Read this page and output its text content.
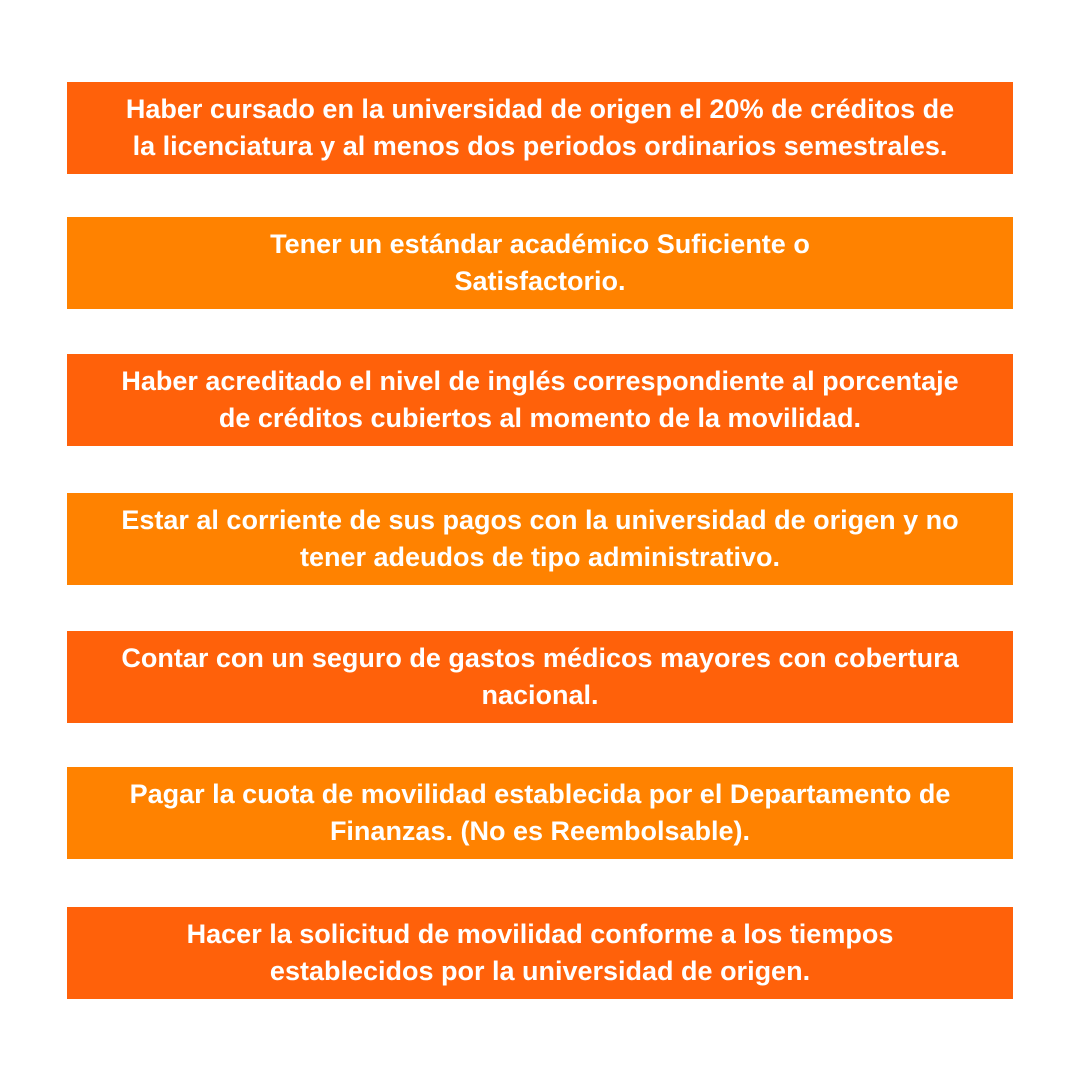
Haber cursado en la universidad de origen el 20% de créditos de
la licenciatura y al menos dos periodos ordinarios semestrales.

Tener un estándar académico Suficiente o
Satisfactorio.

Haber acreditado el nivel de inglés correspondiente al porcentaje
de créditos cubiertos al momento de la movilidad.

Estar al corriente de sus pagos con la universidad de origen y no
tener adeudos de tipo administrativo.

Contar con un seguro de gastos médicos mayores con cobertura
nacional.

Pagar la cuota de movilidad establecida por el Departamento de
Finanzas. (No es Reembolsable).

Hacer la solicitud de movilidad conforme a los tiempos
establecidos por la universidad de origen.
